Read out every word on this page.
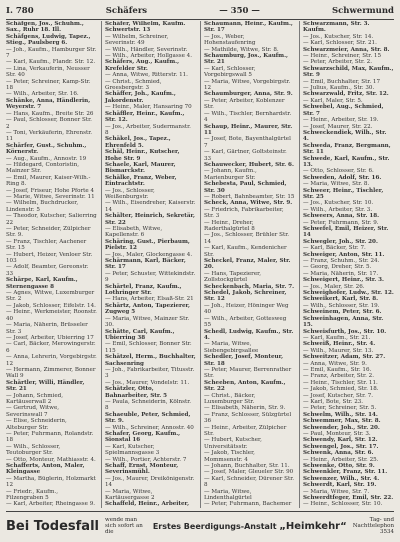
I. 780	Schäfers	— 350 —	Schwermund

Schäfgen, Jos., Schuhm., Sax., Ruhr 18. Ill.

Schäfgens, Ludwig, Tapez., Stieg., Paulsberg 6.

— Joh., Kaufm., Hamburger Str. 7

— Karl, Kaufm., Flandr. Str. 12.

— Lina, Verkauferin, Neusser Str. 40

— Peter, Schreiner, Kamp-Str. 18

— Wilh., Arbeiter, Str. 16.

Schänke, Anna, Händlerin, Weyerstr. 7

— Hans, Kaufm., Breite Str. 26

— Paul, Schlosser, Bonner Str. 2

— Toni, Verkäuferin, Ehrenstr. 11

Schärfer, Gust., Schuhm., Körnerstr.

— Aug., Kaufm., Annostr. 19

— Hildegard, Contoristin, Mainzer Str.

— Emil, Maurer, Kaiser-Wilh.-Ring 8.

— Josef, Friseur, Hohe Pforte 4

— Marie, Witwe, Severinstr. 11

— Wilhelm, Buchdrucker, Lindenstr. 5

— Theodor, Kutscher, Salierring 22

— Peter, Schneider, Zülpicher Str. 9.

— Franz, Tischler, Aachener Str. 15

— Hubert, Heizer, Venloer Str. 103

— Adolf, Beamter, Gereonstr. 33

Schärpe, Karl, Kaufm., Sternengasse 8

— Agnes, Witwe, Luxemburger Str. 2

— Jakob, Schlosser, Eifelstr. 14.

— Heinr., Werkmeister, Roonstr. 40

— Maria, Näherin, Brüsseler Str. 3

— Josef, Arbeiter, Ubierring 17

— Carl, Bäcker, Merowingerstr. 6

— Anna, Lehrerin, Vorgebirgstr. 12

— Hermann, Zimmerer, Bonner Wall 9

Schärtler, Willi, Händler, Str. 21

— Johann, Schmied, Kartäuserwall 2

— Gertrud, Witwe, Severinswall 7

— Elise, Schneiderin, Alteburger Str.

— Peter, Fuhrmann, Rolandstr. 18

— Wilh., Schlosser, Teutoburger Str.

— Otto, Monteur, Mathiasstr. 4.

Schafferts, Anton, Maler, Kleingasse

— Martha, Büglerin, Holzmarkt 12

— Friedr., Kaufm., Filzengraben 5

— Karl, Arbeiter, Rheingasse 9.

Schäfer, Wilhelm, Kaufm. Schwertstr. 13

— Wilhelm, Schreiner, Severinstr. 49

— Wilh., Händler, Severinstr.

— Wilh., Arbeiter, Hollgasse 4.

Schäfers, Aug., Kaufm., Krefelder Str.

— Anna, Witwe, Ritterstr. 11.

— Christ., Schmied, Greesbergstr. 3

Schäffer, Joh., Kaufm., Jakordenstr.

— Heinr., Maler, Hansaring 70

Schäffler, Heinr., Kaufm., Str. 12.

— Jos., Arbeiter, Sudermanstr. 8

Schäkel, Jos., Tapez., Ehrenfeld 5.

Schäl, Heinr., Kutscher, Hohe Str. 9

Schaele, Karl, Maurer, Bismarckstr.

Schälke, Franz, Weber, Eintrachtstr.

— Jos., Schlosser, Weißenburgstr.

— Wilh., Eisendreher, Kaiserstr. 14

Schälter, Heinrich, Sekretär, Str. 22

— Elisabeth, Witwe, Kapellenstr. 6

Schäring, Gust., Pierbaum, Pielstr. 12

— Jos., Maler, Glockengasse 4.

Schärmann, Karl, Bäcker, Str. 17

— Peter, Schuster, Wittekindstr. 9

Schärtel, Franz, Kaufm., Lothringer Str.

— Hans, Arbeiter, Elsaß-Str. 21

Schärtz, Anton, Tapezierer, Zugweg 5

— Maria, Witwe, Mainzer Str. 30.

Schätte, Carl, Kaufm., Ubierring 38

— Emil, Schlosser, Bonner Str. 115

Schätzel, Herm., Buchhalter, Sachsenring

— Joh., Fabrikarbeiter, Titusstr. 3

— Jos., Maurer, Vondelstr. 11.

Schätzler, Otto, Bahnarbeiter, Str. 5

— Paula, Schneiderin, Kölnstr. 8

Schaeuble, Peter, Schmied, Str. 9.

— Wilh., Schreiner, Annostr. 40

Schafer, Georg, Kaufm., Sionstal 16

— Karl, Kutscher, Spielmannsgasse 3

— Wilh., Portier, Achterstr. 7

Schaff, Ernst, Monteur, Severinsmühl.

— Jos., Maurer, Dreikönigenstr. 14

— Maria, Witwe, Kartäusergasse 2

Schaffeld, Heinr., Arbeiter,

Schaumann, Heinr., Kaufm., Str. 17

— Jos., Weber, Hohenstaufenring

— Mathilde, Witwe, Str. 8.

Schaumburg, Jos., Kaufm., Str. 21

— Karl, Schlosser, Vorgebirgswall 5

— Maria, Witwe, Vorgebirgstr. 12

Schaumburger, Anna, Str. 9.

— Peter, Arbeiter, Koblenzer Str.

— Wilh., Tischler, Bernhardstr. 4

Schaup, Heinr., Maurer, Str. 11

— Josef, Bote, Bayenthalgürtel 7

— Karl, Gärtner, Goltsteinstr. 33

Schauwecker, Hubert, Str. 6.

— Johann, Kaufm., Marienburger Str.

Schebesta, Paul, Schmied, Str. 30

— Robert, Bahnbeamter, Str. 15

Scheck, Anna, Witwe, Str. 9.

— Friedrich, Fabrikarbeiter, Str. 3

— Heinr., Dreher, Raderthalgürtel 8

— Jos., Schlosser, Brühler Str. 14

— Karl, Kaufm., Kendenicher Str.

Scheckel, Franz, Maler, Str. 20.

— Hans, Tapezierer, Zollstockgürtel

Scheckenbach, Maria, Str. 7.

Schedel, Jakob, Schreiner, Str. 12

— Joh., Heizer, Höninger Weg 40

— Wilh., Arbeiter, Gottesweg 55

Schedl, Ludwig, Kaufm., Str. 4.

— Maria, Witwe, Siebengebirgsallee

Schedler, Josef, Monteur, Str. 18

— Peter, Maurer, Berrenrather Str.

Scheeben, Anton, Kaufm., Str. 22

— Christ., Bäcker, Luxemburger Str.

— Elisabeth, Näherin, Str. 9.

— Franz, Schlosser, Sülzgürtel 36

— Heinr., Arbeiter, Zülpicher Str.

— Hubert, Kutscher, Universitätsstr.

— Jakob, Tischler, Mommsenstr. 4

— Johann, Buchhalter, Str. 11.

— Josef, Maler, Gleueler Str. 90

— Karl, Schneider, Dürener Str. 8

— Maria, Witwe, Lindenthalgürtel

— Peter, Fuhrmann, Bachemer

Schwarzmann, Str. 3. Kaufm.

— Jos., Kutscher, Str. 14.

— Karl, Schlosser, Str. 21.

Schwarzmeier, Anna, Str. 8.

— Heinr., Schreiner, Str. 15

— Peter, Arbeiter, Str. 2.

Schwarzschild, Max, Kaufm., Str. 9

— Emil, Buchhalter, Str. 17

— Julius, Kaufm., Str. 30.

Schwarzwald, Fritz, Str. 12.

— Karl, Maler, Str. 5.

Schwebel, Aug., Schmied, Str. 7

— Heinr., Arbeiter, Str. 19.

— Josef, Maurer, Str. 22.

Schweckendiek, Wilh., Str. 4.

Schweda, Franz, Bergmann, Str. 11

Schwede, Karl, Kaufm., Str. 13.

— Otto, Schlosser, Str. 6.

Schweden, Adolf, Str. 16.

— Maria, Witwe, Str. 8.

Schweer, Heinr., Tischler, Str. 25

— Jos., Kutscher, Str. 10.

— Wilh., Arbeiter, Str. 3.

Schweers, Anna, Str. 18.

— Peter, Fuhrmann, Str. 9.

Schwefel, Emil, Heizer, Str. 14

Schwegler, Joh., Str. 20.

— Karl, Bäcker, Str. 7.

Schweiger, Anton, Str. 11.

— Franz, Schuhm., Str. 24.

— Georg, Dreher, Str. 5.

— Maria, Näherin, Str. 17.

Schweigert, Heinr., Str. 3.

— Jos., Maler, Str. 26.

Schweighofer, Ludw., Str. 12.

Schweikert, Karl, Str. 8.

— Wilh., Schlosser, Str. 19.

Schweinem, Peter, Str. 6.

Schweinhagen, Anna, Str. 15.

Schweisfurth, Jos., Str. 10.

— Karl, Kaufm., Str. 21.

Schweiß, Heinr., Str. 4.

— Wilh., Maurer, Str. 13.

Schweitzer, Adam, Str. 27.

— Anna, Witwe, Str. 9.

— Emil, Kaufm., Str. 16.

— Franz, Arbeiter, Str. 2.

— Heinr., Tischler, Str. 11.

— Jakob, Schmied, Str. 18.

— Josef, Kutscher, Str. 7.

— Karl, Bote, Str. 23.

— Peter, Schreiner, Str. 5.

Schwelm, Wilh., Str. 14.

Schwemmer, Max, Str. 8.

Schwender, Joh., Str. 20.

— Paul, Monteur, Str. 3.

Schwendy, Karl, Str. 12.

Schwengel, Jos., Str. 17.

Schwenk, Anna, Str. 6.

— Heinr., Arbeiter, Str. 25.

Schwenke, Otto, Str. 9.

Schwenkler, Franz, Str. 11.

Schwenzer, Wilh., Str. 4.

Schwerdt, Karl, Str. 19.

— Maria, Witwe, Str. 7.

Schwerdtfeger, Emil, Str. 22.

— Heinr., Schlosser, Str. 10.

Bei Todesfall wende man sich sofort an die
Erstes Beerdigungs-Anstalt „Heimkehr“
Tag- und Nachttelephon 3534
